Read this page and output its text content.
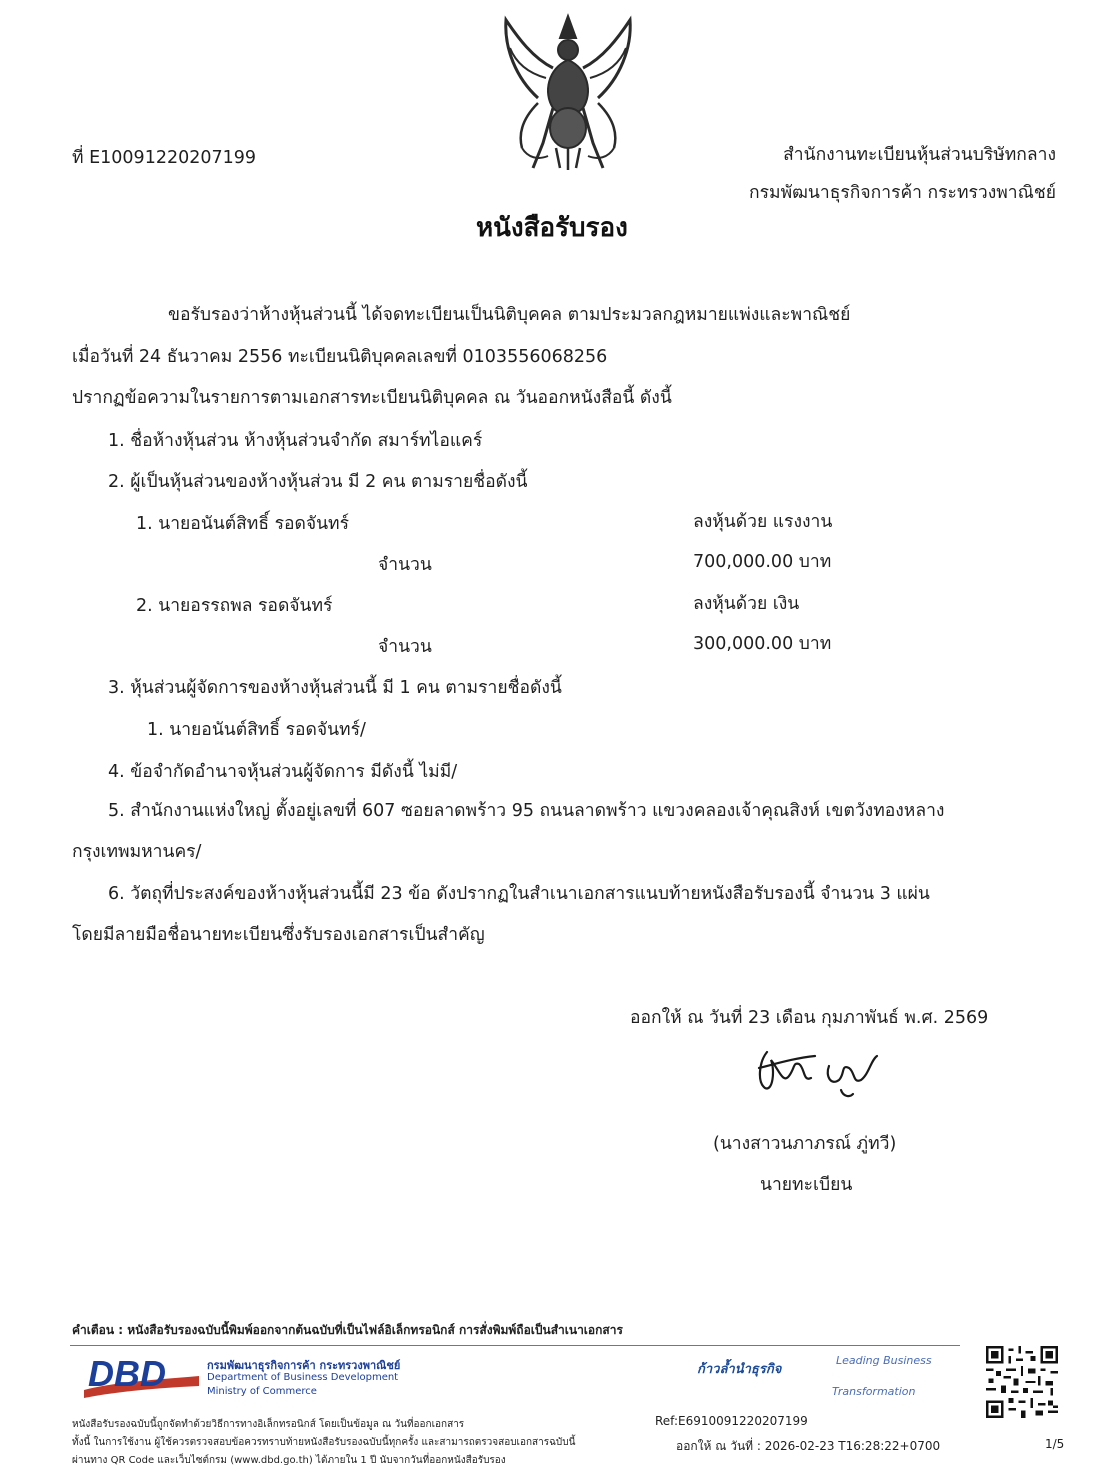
ที่ E10091220207199	สำนักงานทะเบียนหุ้นส่วนบริษัทกลาง
กรมพัฒนาธุรกิจการค้า กระทรวงพาณิชย์
หนังสือรับรอง
ขอรับรองว่าห้างหุ้นส่วนนี้ ได้จดทะเบียนเป็นนิติบุคคล ตามประมวลกฎหมายแพ่งและพาณิชย์
เมื่อวันที่ 24 ธันวาคม 2556 ทะเบียนนิติบุคคลเลขที่ 0103556068256
ปรากฏข้อความในรายการตามเอกสารทะเบียนนิติบุคคล ณ วันออกหนังสือนี้ ดังนี้
1. ชื่อห้างหุ้นส่วน ห้างหุ้นส่วนจำกัด สมาร์ทไอแคร์
2. ผู้เป็นหุ้นส่วนของห้างหุ้นส่วน มี 2 คน ตามรายชื่อดังนี้
1. นายอนันต์สิทธิ์ รอดจันทร์	ลงหุ้นด้วย แรงงาน
จำนวน	700,000.00 บาท
2. นายอรรถพล รอดจันทร์	ลงหุ้นด้วย เงิน
จำนวน	300,000.00 บาท
3. หุ้นส่วนผู้จัดการของห้างหุ้นส่วนนี้ มี 1 คน ตามรายชื่อดังนี้
1. นายอนันต์สิทธิ์ รอดจันทร์/
4. ข้อจำกัดอำนาจหุ้นส่วนผู้จัดการ มีดังนี้ ไม่มี/
5. สำนักงานแห่งใหญ่ ตั้งอยู่เลขที่ 607 ซอยลาดพร้าว 95 ถนนลาดพร้าว แขวงคลองเจ้าคุณสิงห์ เขตวังทองหลาง
กรุงเทพมหานคร/
6. วัตถุที่ประสงค์ของห้างหุ้นส่วนนี้มี 23 ข้อ ดังปรากฏในสำเนาเอกสารแนบท้ายหนังสือรับรองนี้ จำนวน 3 แผ่น
โดยมีลายมือชื่อนายทะเบียนซึ่งรับรองเอกสารเป็นสำคัญ
ออกให้ ณ วันที่ 23 เดือน กุมภาพันธ์ พ.ศ. 2569
(นางสาวนภาภรณ์ ภู่ทวี)
นายทะเบียน
คำเตือน : หนังสือรับรองฉบับนี้พิมพ์ออกจากต้นฉบับที่เป็นไฟล์อิเล็กทรอนิกส์ การสั่งพิมพ์ถือเป็นสำเนาเอกสาร
DBD	กรมพัฒนาธุรกิจการค้า กระทรวงพาณิชย์
Department of Business Development
Ministry of Commerce
ก้าวล้ำนำธุรกิจ
Leading Business
Transformation
หนังสือรับรองฉบับนี้ถูกจัดทำด้วยวิธีการทางอิเล็กทรอนิกส์ โดยเป็นข้อมูล ณ วันที่ออกเอกสาร
ทั้งนี้ ในการใช้งาน ผู้ใช้ควรตรวจสอบข้อควรทราบท้ายหนังสือรับรองฉบับนี้ทุกครั้ง และสามารถตรวจสอบเอกสารฉบับนี้
ผ่านทาง QR Code และเว็บไซต์กรม (www.dbd.go.th) ได้ภายใน 1 ปี นับจากวันที่ออกหนังสือรับรอง
Ref:E6910091220207199
ออกให้ ณ วันที่ : 2026-02-23 T16:28:22+0700	1/5
